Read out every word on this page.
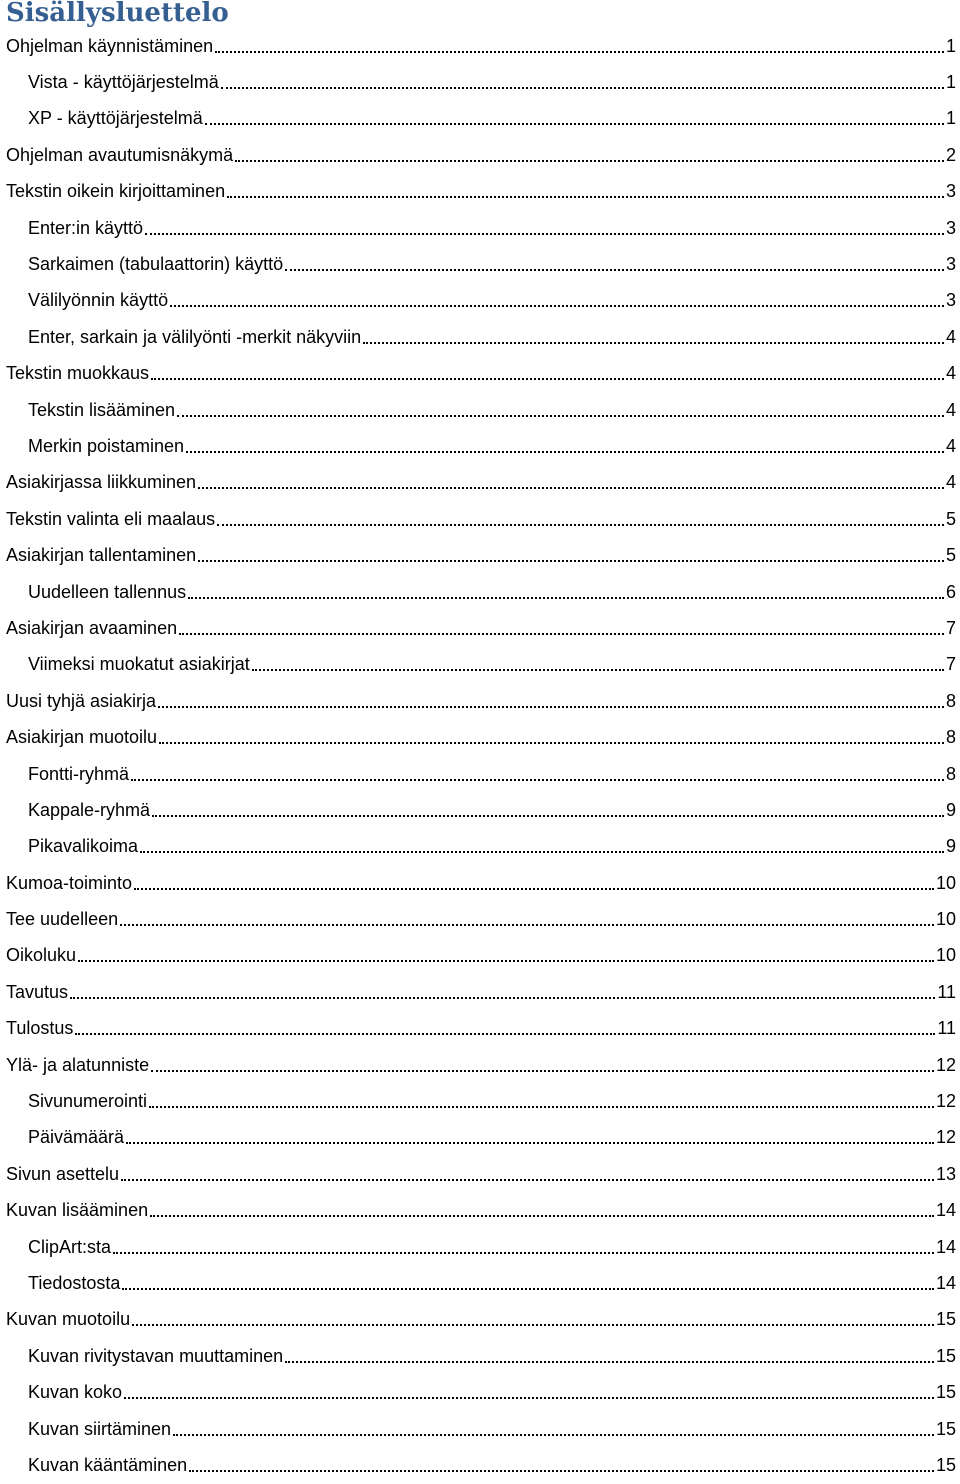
Sisällysluettelo
Ohjelman käynnistäminen	1
Vista - käyttöjärjestelmä	1
XP - käyttöjärjestelmä	1
Ohjelman avautumisnäkymä	2
Tekstin oikein kirjoittaminen	3
Enter:in käyttö	3
Sarkaimen (tabulaattorin) käyttö	3
Välilyönnin käyttö	3
Enter, sarkain ja välilyönti -merkit näkyviin	4
Tekstin muokkaus	4
Tekstin lisääminen	4
Merkin poistaminen	4
Asiakirjassa liikkuminen	4
Tekstin valinta eli maalaus	5
Asiakirjan tallentaminen	5
Uudelleen tallennus	6
Asiakirjan avaaminen	7
Viimeksi muokatut asiakirjat	7
Uusi tyhjä asiakirja	8
Asiakirjan muotoilu	8
Fontti-ryhmä	8
Kappale-ryhmä	9
Pikavalikoima	9
Kumoa-toiminto	10
Tee uudelleen	10
Oikoluku	10
Tavutus	11
Tulostus	11
Ylä- ja alatunniste	12
Sivunumerointi	12
Päivämäärä	12
Sivun asettelu	13
Kuvan lisääminen	14
ClipArt:sta	14
Tiedostosta	14
Kuvan muotoilu	15
Kuvan rivitystavan muuttaminen	15
Kuvan koko	15
Kuvan siirtäminen	15
Kuvan kääntäminen	15
